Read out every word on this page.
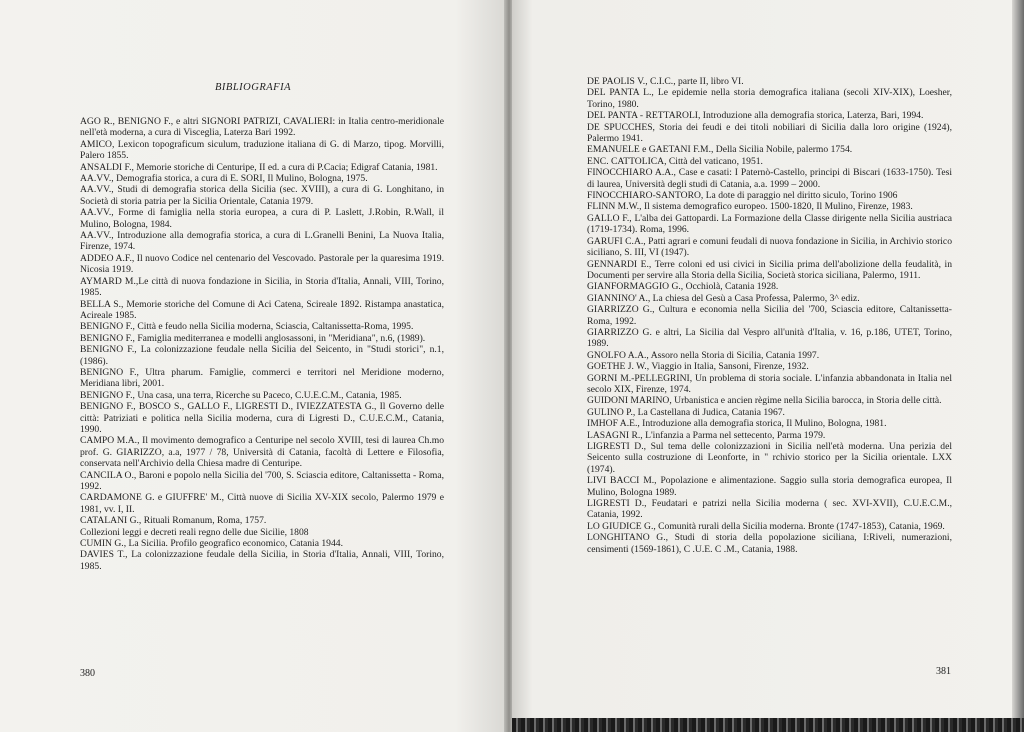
BIBLIOGRAFIA

AGO R., BENIGNO F., e altri SIGNORI PATRIZI, CAVALIERI: in Italia centro-meridionale nell'età moderna, a cura di Visceglia, Laterza Bari 1992.

AMICO, Lexicon topograficum siculum, traduzione italiana di G. di Marzo, tipog. Morvilli, Palero 1855.

ANSALDI F., Memorie storiche di Centuripe, II ed. a cura di P.Cacia; Edigraf Catania, 1981.

AA.VV., Demografia storica, a cura di E. SORI, Il Mulino, Bologna, 1975.

AA.VV., Studi di demografia storica della Sicilia (sec. XVIII), a cura di G. Longhitano, in Società di storia patria per la Sicilia Orientale, Catania 1979.

AA.VV., Forme di famiglia nella storia europea, a cura di P. Laslett, J.Robin, R.Wall, il Mulino, Bologna, 1984.

AA.VV., Introduzione alla demografia storica, a cura di L.Granelli Benini, La Nuova Italia, Firenze, 1974.

ADDEO A.F., Il nuovo Codice nel centenario del Vescovado. Pastorale per la quaresima 1919. Nicosia 1919.

AYMARD M.,Le città di nuova fondazione in Sicilia, in Storia d'Italia, Annali, VIII, Torino, 1985.

BELLA S., Memorie storiche del Comune di Aci Catena, Scireale 1892. Ristampa anastatica, Acireale 1985.

BENIGNO F., Città e feudo nella Sicilia moderna, Sciascia, Caltanissetta-Roma, 1995.

BENIGNO F., Famiglia mediterranea e modelli anglosassoni, in "Meridiana", n.6, (1989).

BENIGNO F., La colonizzazione feudale nella Sicilia del Seicento, in "Studi storici", n.1, (1986).

BENIGNO F., Ultra pharum. Famiglie, commerci e territori nel Meridione moderno, Meridiana libri, 2001.

BENIGNO F., Una casa, una terra, Ricerche su Paceco, C.U.E.C.M., Catania, 1985.

BENIGNO F., BOSCO S., GALLO F., LIGRESTI D., IVIEZZATESTA G., Il Governo delle città: Patriziati e politica nella Sicilia moderna, cura di Ligresti D., C.U.E.C.M., Catania, 1990.

CAMPO M.A., Il movimento demografico a Centuripe nel secolo XVIII, tesi di laurea Ch.mo prof. G. GIARIZZO, a.a, 1977 / 78, Università di Catania, facoltà di Lettere e Filosofia, conservata nell'Archivio della Chiesa madre di Centuripe.

CANCILA O., Baroni e popolo nella Sicilia del '700, S. Sciascia editore, Caltanissetta - Roma, 1992.

CARDAMONE G. e GIUFFRE' M., Città nuove di Sicilia XV-XIX secolo, Palermo 1979 e 1981, vv. I, II.

CATALANI G., Rituali Romanum, Roma, 1757.

Collezioni leggi e decreti reali regno delle due Sicilie, 1808

CUMIN G., La Sicilia. Profilo geografico economico, Catania 1944.

DAVIES T., La colonizzazione feudale della Sicilia, in Storia d'Italia, Annali, VIII, Torino, 1985.

380	381

DE PAOLIS V., C.I.C., parte II, libro VI.

DEL PANTA L., Le epidemie nella storia demografica italiana (secoli XIV-XIX), Loesher, Torino, 1980.

DEL PANTA - RETTAROLI, Introduzione alla demografia storica, Laterza, Bari, 1994.

DE SPUCCHES, Storia dei feudi e dei titoli nobiliari di Sicilia dalla loro origine (1924), Palermo 1941.

EMANUELE e GAETANI F.M., Della Sicilia Nobile, palermo 1754.

ENC. CATTOLICA, Città del vaticano, 1951.

FINOCCHIARO A.A., Case e casati: I Paternò-Castello, principi di Biscari (1633-1750). Tesi di laurea, Università degli studi di Catania, a.a. 1999 – 2000.

FINOCCHIARO-SANTORO, La dote di paraggio nel diritto siculo, Torino 1906

FLINN M.W., Il sistema demografico europeo. 1500-1820, Il Mulino, Firenze, 1983.

GALLO F., L'alba dei Gattopardi. La Formazione della Classe dirigente nella Sicilia austriaca (1719-1734). Roma, 1996.

GARUFI C.A., Patti agrari e comuni feudali di nuova fondazione in Sicilia, in Archivio storico siciliano, S. III, VI (1947).

GENNARDI E., Terre coloni ed usi civici in Sicilia prima dell'abolizione della feudalità, in Documenti per servire alla Storia della Sicilia, Società storica siciliana, Palermo, 1911.

GIANFORMAGGIO G., Occhiolà, Catania 1928.

GIANNINO' A., La chiesa del Gesù a Casa Professa, Palermo, 3^ ediz.

GIARRIZZO G., Cultura e economia nella Sicilia del '700, Sciascia editore, Caltanissetta-Roma, 1992.

GIARRIZZO G. e altri, La Sicilia dal Vespro all'unità d'Italia, v. 16, p.186, UTET, Torino, 1989.

GNOLFO A.A., Assoro nella Storia di Sicilia, Catania 1997.

GOETHE J. W., Viaggio in Italia, Sansoni, Firenze, 1932.

GORNI M.-PELLEGRINI, Un problema di storia sociale. L'infanzia abbandonata in Italia nel secolo XIX, Firenze, 1974.

GUIDONI MARINO, Urbanistica e ancien règime nella Sicilia barocca, in Storia delle città.

GULINO P., La Castellana di Judica, Catania 1967.

IMHOF A.E., Introduzione alla demografia storica, Il Mulino, Bologna, 1981.

LASAGNI R., L'infanzia a Parma nel settecento, Parma 1979.

LIGRESTI D., Sul tema delle colonizzazioni in Sicilia nell'età moderna. Una perizia del Seicento sulla costruzione di Leonforte, in " rchivio storico per la Sicilia orientale. LXX (1974).

LIVI BACCI M., Popolazione e alimentazione. Saggio sulla storia demografica europea, Il Mulino, Bologna 1989.

LIGRESTI D., Feudatari e patrizi nella Sicilia moderna ( sec. XVI-XVII), C.U.E.C.M., Catania, 1992.

LO GIUDICE G., Comunità rurali della Sicilia moderna. Bronte (1747-1853), Catania, 1969.

LONGHITANO G., Studi di storia della popolazione siciliana, I:Riveli, numerazioni, censimenti (1569-1861), C .U.E. C .M., Catania, 1988.
